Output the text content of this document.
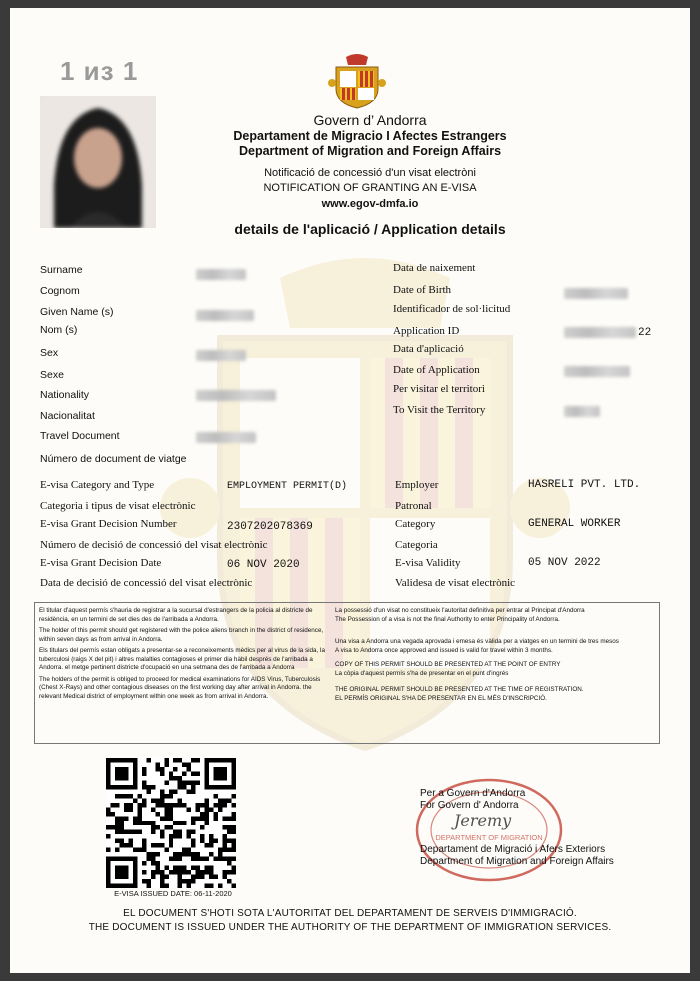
1 из 1
Govern d’ Andorra
Departament de Migracio I Afectes Estrangers
Department of Migration and Foreign Affairs
Notificació de concessió d'un visat electròni
NOTIFICATION OF GRANTING AN E-VISA
www.egov-dmfa.io
details de l'aplicació / Application details
Surname
Cognom
Given Name (s)
Nom (s)
Sex
Sexe
Nationality
Nacionalitat
Travel Document
Número de document de viatge
Data de naixement
Date of Birth
Identificador de sol·licitud
Application ID
Data d'aplicació
Date of Application
Per visitar el territori
To Visit the Territory
22
E-visa Category and Type
Categoria i tipus de visat electrònic
EMPLOYMENT PERMIT(D)
E-visa Grant Decision Number
Número de decisió de concessió del visat electrònic
2307202078369
E-visa Grant Decision Date
Data de decisió de concessió del visat electrònic
06 NOV 2020
Employer
Patronal
HASRELI PVT. LTD.
Category
Categoria
GENERAL WORKER
E-visa Validity
Validesa de visat electrònic
05 NOV 2022

El titular d'aquest permís s'hauria de registrar a la sucursal d'estrangers de la policia al districte de residència, en un termini de set dies des de l'arribada a Andorra.

The holder of this permit should get registered with the police aliens branch in the district of residence, within seven days as from arrival in Andorra.

Els titulars del permís estan obligats a presentar-se a reconeixements mèdics per al virus de la sida, la tuberculosi (raigs X del pit) i altres malalties contagioses el primer dia hàbil després de l'arribada a Andorra. el metge pertinent districte d'ocupació en una setmana des de l'arribada a Andorra

The holders of the permit is obliged to proceed for medical examinations for AIDS Virus, Tuberculosis (Chest X-Rays) and other contagious diseases on the first working day after arrival in Andorra. the relevant Medical district of employment within one week as from arrival in Andorra.

La possessió d'un visat no constitueix l'autoritat definitiva per entrar al Principat d'Andorra

The Possession of a visa is not the final Authority to enter Principality of Andorra.

Una visa a Andorra una vegada aprovada i emesa és vàlida per a viatges en un termini de tres mesos

A visa to Andorra once approved and issued is valid for travel within 3 months.

COPY OF THIS PERMIT SHOULD BE PRESENTED AT THE POINT OF ENTRY

La còpia d'aquest permís s'ha de presentar en el punt d'ingrés

THE ORIGINAL PERMIT SHOULD BE PRESENTED AT THE TIME OF REGISTRATION.

EL PERMÍS ORIGINAL S'HA DE PRESENTAR EN EL MÉS D'INSCRIPCIÓ.

E-VISA ISSUED DATE: 06-11-2020
DEPARTMENT OF MIGRATION
Jeremy
Per a Govern d'Andorra
For Govern d' Andorra
Departament de Migració i Afers Exteriors
Department of Migration and Foreign Affairs
EL DOCUMENT S'HOTI SOTA L'AUTORITAT DEL DEPARTAMENT DE SERVEIS D'IMMIGRACIÓ.
THE DOCUMENT IS ISSUED UNDER THE AUTHORITY OF THE DEPARTMENT OF IMMIGRATION SERVICES.
